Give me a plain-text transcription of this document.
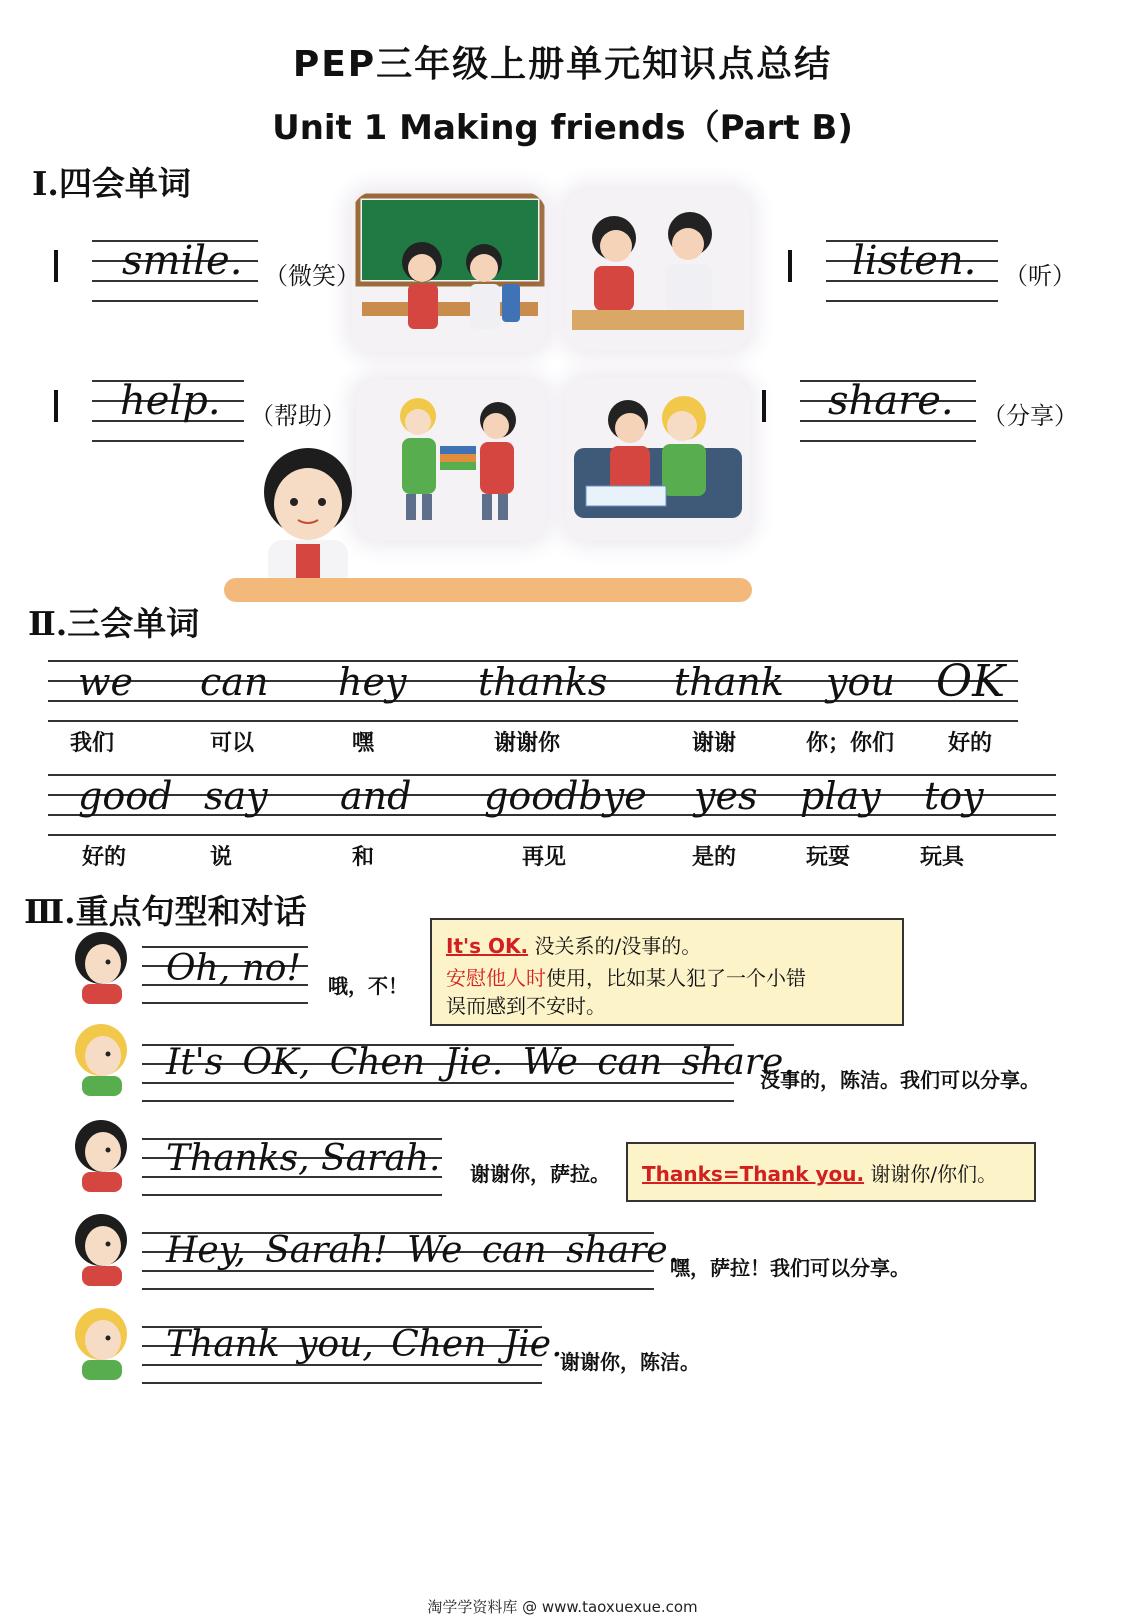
PEP三年级上册单元知识点总结
Unit 1 Making friends（Part B)
Ⅰ.四会单词
smile. （微笑）	listen. （听）
help. （帮助）	share. （分享）
Ⅱ.三会单词
we can hey thanks thank you OK
我们	可以	嘿	谢谢你	谢谢	你；你们 好的
good say and goodbye yes play toy
好的	说	和	再见	是的	玩耍	玩具
Ⅲ.重点句型和对话
Oh, no! 哦，不！
It's OK. 没关系的/没事的。
安慰他人时使用，比如某人犯了一个小错
误而感到不安时。
It's OK, Chen Jie. We can share.
没事的，陈洁。我们可以分享。
Thanks, Sarah. 谢谢你，萨拉。 Thanks=Thank you. 谢谢你/你们。
Hey, Sarah! We can share.
嘿，萨拉！我们可以分享。
Thank you, Chen Jie.
谢谢你，陈洁。
淘学学资料库 @ www.taoxuexue.com
